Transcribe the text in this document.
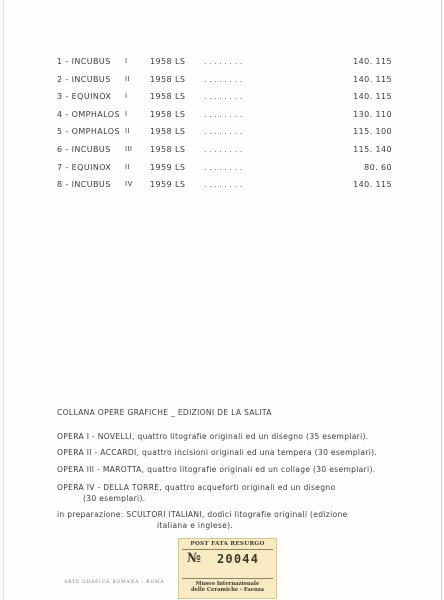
1 - INCUBUS I	1958 LS . . . . . . . .	140. 115
2 - INCUBUS II	1958 LS . . . . . . . .	140. 115
3 - EQUINOX I	1958 LS . . . . . . . .	140. 115
4 - OMPHALOS I	1958 LS . . . . . . . .	130. 110
5 - OMPHALOS II	1958 LS . . . . . . . .	115. 100
6 - INCUBUS III	1958 LS . . . . . . . .	115. 140
7 - EQUINOX II	1959 LS . . . . . . . .	80. 60
8 - INCUBUS IV	1959 LS . . . . . . . .	140. 115
COLLANA OPERE GRAFICHE _ EDIZIONI DE LA SALITA
OPERA I - NOVELLI, quattro litografie originali ed un disegno (35 esemplari).
OPERA II - ACCARDI, quattro incisioni originali ed una tempera (30 esemplari).
OPERA III - MAROTTA, quattro litografie originali ed un collage (30 esemplari).
OPERA IV - DELLA TORRE, quattro acqueforti originali ed un disegno
(30 esemplari).
in preparazione: SCULTORI ITALIANI, dodici litografie originali (edizione
italiana e inglese).
ARTE GRAFICA ROMANA - ROMA
POST FATA RESURGO
№ 20044
Museo Internazionale
delle Ceramiche - Faenza
